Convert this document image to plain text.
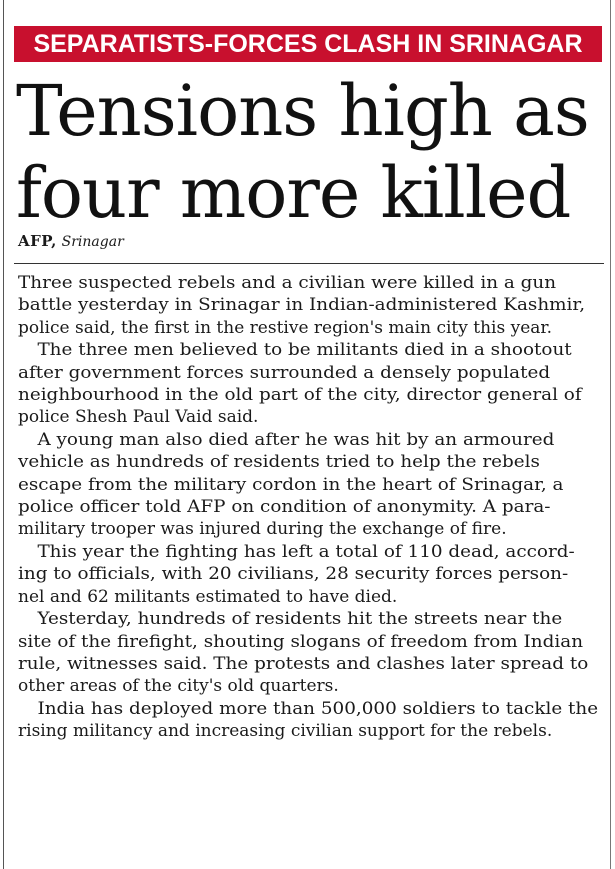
SEPARATISTS-FORCES CLASH IN SRINAGAR
Tensions high as
four more killed
AFP, Srinagar

Three suspected rebels and a civilian were killed in a gun
battle yesterday in Srinagar in Indian-administered Kashmir,
police said, the first in the restive region's main city this year.

The three men believed to be militants died in a shootout
after government forces surrounded a densely populated
neighbourhood in the old part of the city, director general of
police Shesh Paul Vaid said.

A young man also died after he was hit by an armoured
vehicle as hundreds of residents tried to help the rebels
escape from the military cordon in the heart of Srinagar, a
police officer told AFP on condition of anonymity. A para-
military trooper was injured during the exchange of fire.

This year the fighting has left a total of 110 dead, accord-
ing to officials, with 20 civilians, 28 security forces person-
nel and 62 militants estimated to have died.

Yesterday, hundreds of residents hit the streets near the
site of the firefight, shouting slogans of freedom from Indian
rule, witnesses said. The protests and clashes later spread to
other areas of the city's old quarters.

India has deployed more than 500,000 soldiers to tackle the
rising militancy and increasing civilian support for the rebels.
